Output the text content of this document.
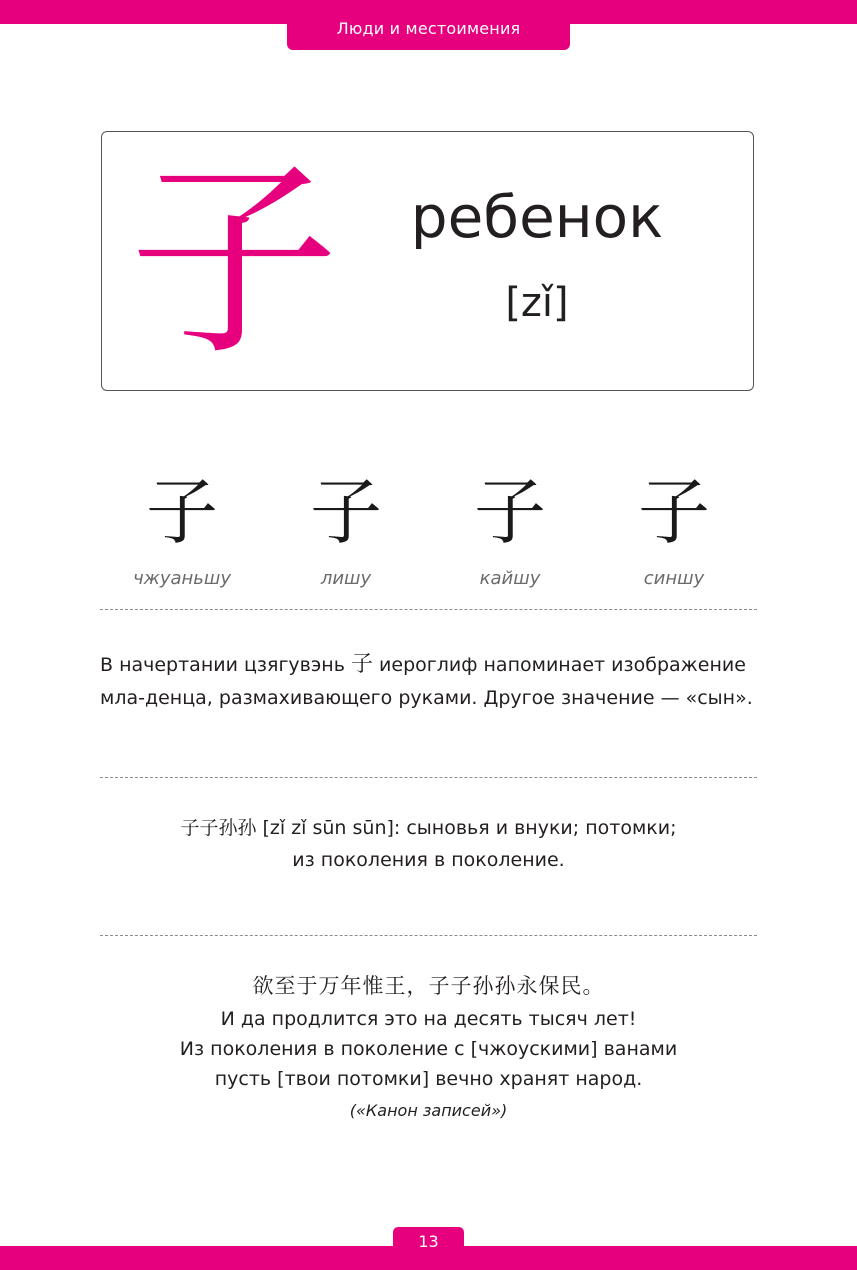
Люди и местоимения
子	ребенок
[zǐ]
子
чжуаньшу
子
лишу
子
кайшу
子
синшу
В начертании цзягувэнь 子 иероглиф напоминает изображение мла-денца, размахивающего руками. Другое значение — «сын».
子子孙孙 [zǐ zǐ sūn sūn]: сыновья и внуки; потомки;
из поколения в поколение.
欲至于万年惟王，子子孙孙永保民。
И да продлится это на десять тысяч лет!
Из поколения в поколение с [чжоускими] ванами
пусть [твои потомки] вечно хранят народ.
(«Канон записей»)
13
